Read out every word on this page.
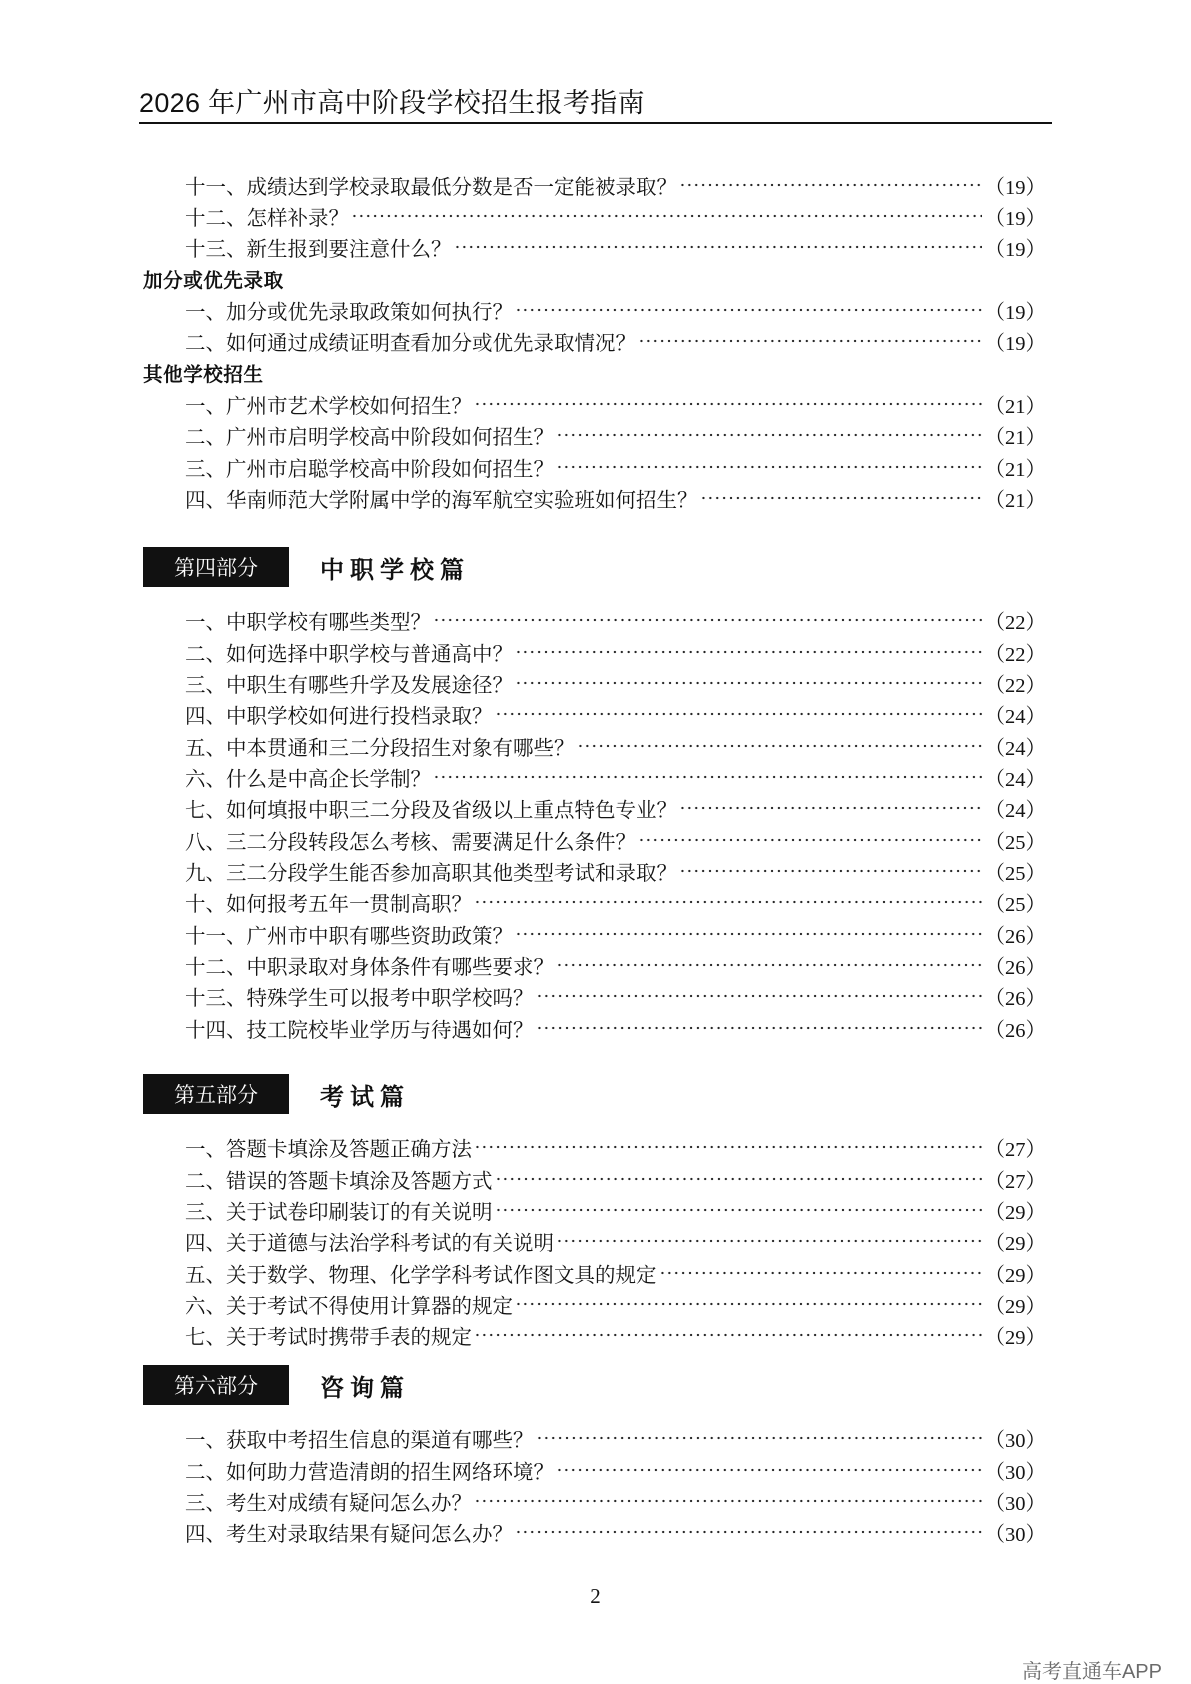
2026 年广州市高中阶段学校招生报考指南
十一、成绩达到学校录取最低分数是否一定能被录取？	（19）
十二、怎样补录？	（19）
十三、新生报到要注意什么？	（19）
加分或优先录取
一、加分或优先录取政策如何执行？	（19）
二、如何通过成绩证明查看加分或优先录取情况？	（19）
其他学校招生
一、广州市艺术学校如何招生？	（21）
二、广州市启明学校高中阶段如何招生？	（21）
三、广州市启聪学校高中阶段如何招生？	（21）
四、华南师范大学附属中学的海军航空实验班如何招生？	（21）
第四部分	中职学校篇
一、中职学校有哪些类型？	（22）
二、如何选择中职学校与普通高中？	（22）
三、中职生有哪些升学及发展途径？	（22）
四、中职学校如何进行投档录取？	（24）
五、中本贯通和三二分段招生对象有哪些？	（24）
六、什么是中高企长学制？	（24）
七、如何填报中职三二分段及省级以上重点特色专业？	（24）
八、三二分段转段怎么考核、需要满足什么条件？	（25）
九、三二分段学生能否参加高职其他类型考试和录取？	（25）
十、如何报考五年一贯制高职？	（25）
十一、广州市中职有哪些资助政策？	（26）
十二、中职录取对身体条件有哪些要求？	（26）
十三、特殊学生可以报考中职学校吗？	（26）
十四、技工院校毕业学历与待遇如何？	（26）
第五部分	考试篇
一、答题卡填涂及答题正确方法	（27）
二、错误的答题卡填涂及答题方式	（27）
三、关于试卷印刷装订的有关说明	（29）
四、关于道德与法治学科考试的有关说明	（29）
五、关于数学、物理、化学学科考试作图文具的规定	（29）
六、关于考试不得使用计算器的规定	（29）
七、关于考试时携带手表的规定	（29）
第六部分	咨询篇
一、获取中考招生信息的渠道有哪些？	（30）
二、如何助力营造清朗的招生网络环境？	（30）
三、考生对成绩有疑问怎么办？	（30）
四、考生对录取结果有疑问怎么办？	（30）
2
高考直通车APP
